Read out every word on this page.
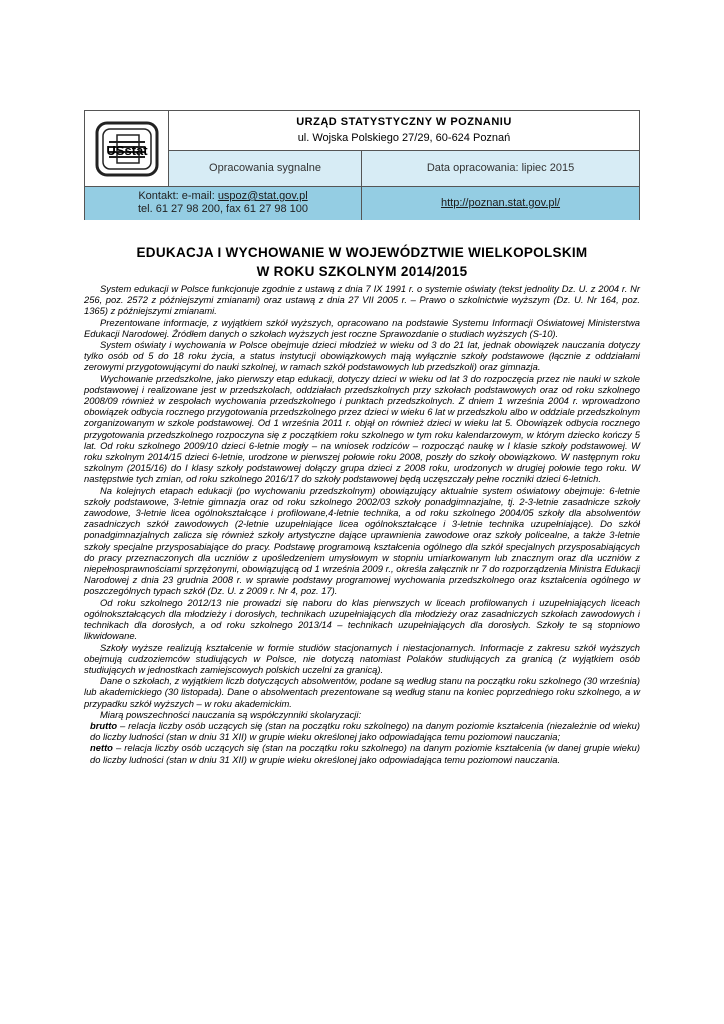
USstat
URZĄD STATYSTYCZNY W POZNANIU
ul. Wojska Polskiego 27/29, 60-624 Poznań
Opracowania sygnalne	Data opracowania: lipiec 2015
Kontakt: e-mail: uspoz@stat.gov.pl
tel. 61 27 98 200, fax 61 27 98 100	http://poznan.stat.gov.pl/
EDUKACJA I WYCHOWANIE W WOJEWÓDZTWIE WIELKOPOLSKIM
W ROKU SZKOLNYM 2014/2015

System edukacji w Polsce funkcjonuje zgodnie z ustawą z dnia 7 IX 1991 r. o systemie oświaty (tekst jednolity Dz. U. z 2004 r. Nr 256, poz. 2572 z późniejszymi zmianami) oraz ustawą z dnia 27 VII 2005 r. – Prawo o szkolnictwie wyższym (Dz. U. Nr 164, poz. 1365) z późniejszymi zmianami.

Prezentowane informacje, z wyjątkiem szkół wyższych, opracowano na podstawie Systemu Informacji Oświatowej Ministerstwa Edukacji Narodowej. Źródłem danych o szkołach wyższych jest roczne Sprawozdanie o studiach wyższych (S-10).

System oświaty i wychowania w Polsce obejmuje dzieci młodzież w wieku od 3 do 21 lat, jednak obowiązek nauczania dotyczy tylko osób od 5 do 18 roku życia, a status instytucji obowiązkowych mają wyłącznie szkoły podstawowe (łącznie z oddziałami zerowymi przygotowującymi do nauki szkolnej, w ramach szkół podstawowych lub przedszkoli) oraz gimnazja.

Wychowanie przedszkolne, jako pierwszy etap edukacji, dotyczy dzieci w wieku od lat 3 do rozpoczęcia przez nie nauki w szkole podstawowej i realizowane jest w przedszkolach, oddziałach przedszkolnych przy szkołach podstawowych oraz od roku szkolnego 2008/09 również w zespołach wychowania przedszkolnego i punktach przedszkolnych. Z dniem 1 września 2004 r. wprowadzono obowiązek odbycia rocznego przygotowania przedszkolnego przez dzieci w wieku 6 lat w przedszkolu albo w oddziale przedszkolnym zorganizowanym w szkole podstawowej. Od 1 września 2011 r. objął on również dzieci w wieku lat 5. Obowiązek odbycia rocznego przygotowania przedszkolnego rozpoczyna się z początkiem roku szkolnego w tym roku kalendarzowym, w którym dziecko kończy 5 lat. Od roku szkolnego 2009/10 dzieci 6-letnie mogły – na wniosek rodziców – rozpocząć naukę w I klasie szkoły podstawowej. W roku szkolnym 2014/15 dzieci 6-letnie, urodzone w pierwszej połowie roku 2008, poszły do szkoły obowiązkowo. W następnym roku szkolnym (2015/16) do I klasy szkoły podstawowej dołączy grupa dzieci z 2008 roku, urodzonych w drugiej połowie tego roku. W następstwie tych zmian, od roku szkolnego 2016/17 do szkoły podstawowej będą uczęszczały pełne roczniki dzieci 6-letnich.

Na kolejnych etapach edukacji (po wychowaniu przedszkolnym) obowiązujący aktualnie system oświatowy obejmuje: 6-letnie szkoły podstawowe, 3-letnie gimnazja oraz od roku szkolnego 2002/03 szkoły ponadgimnazjalne, tj. 2-3-letnie zasadnicze szkoły zawodowe, 3-letnie licea ogólnokształcące i profilowane,4-letnie technika, a od roku szkolnego 2004/05 szkoły dla absolwentów zasadniczych szkół zawodowych (2-letnie uzupełniające licea ogólnokształcące i 3-letnie technika uzupełniające). Do szkół ponadgimnazjalnych zalicza się również szkoły artystyczne dające uprawnienia zawodowe oraz szkoły policealne, a także 3-letnie szkoły specjalne przysposabiające do pracy. Podstawę programową kształcenia ogólnego dla szkół specjalnych przysposabiających do pracy przeznaczonych dla uczniów z upośledzeniem umysłowym w stopniu umiarkowanym lub znacznym oraz dla uczniów z niepełnosprawnościami sprzężonymi, obowiązującą od 1 września 2009 r., określa załącznik nr 7 do rozporządzenia Ministra Edukacji Narodowej z dnia 23 grudnia 2008 r. w sprawie podstawy programowej wychowania przedszkolnego oraz kształcenia ogólnego w poszczególnych typach szkół (Dz. U. z 2009 r. Nr 4, poz. 17).

Od roku szkolnego 2012/13 nie prowadzi się naboru do klas pierwszych w liceach profilowanych i uzupełniających liceach ogólnokształcących dla młodzieży i dorosłych, technikach uzupełniających dla młodzieży oraz zasadniczych szkołach zawodowych i technikach dla dorosłych, a od roku szkolnego 2013/14 – technikach uzupełniających dla dorosłych. Szkoły te są stopniowo likwidowane.

Szkoły wyższe realizują kształcenie w formie studiów stacjonarnych i niestacjonarnych. Informacje z zakresu szkół wyższych obejmują cudzoziemców studiujących w Polsce, nie dotyczą natomiast Polaków studiujących za granicą (z wyjątkiem osób studiujących w jednostkach zamiejscowych polskich uczelni za granicą).

Dane o szkołach, z wyjątkiem liczb dotyczących absolwentów, podane są według stanu na początku roku szkolnego (30 września) lub akademickiego (30 listopada). Dane o absolwentach prezentowane są według stanu na koniec poprzedniego roku szkolnego, a w przypadku szkół wyższych – w roku akademickim.

Miarą powszechności nauczania są współczynniki skolaryzacji:

brutto – relacja liczby osób uczących się (stan na początku roku szkolnego) na danym poziomie kształcenia (niezależnie od wieku) do liczby ludności (stan w dniu 31 XII) w grupie wieku określonej jako odpowiadająca temu poziomowi nauczania;

netto – relacja liczby osób uczących się (stan na początku roku szkolnego) na danym poziomie kształcenia (w danej grupie wieku) do liczby ludności (stan w dniu 31 XII) w grupie wieku określonej jako odpowiadająca temu poziomowi nauczania.
